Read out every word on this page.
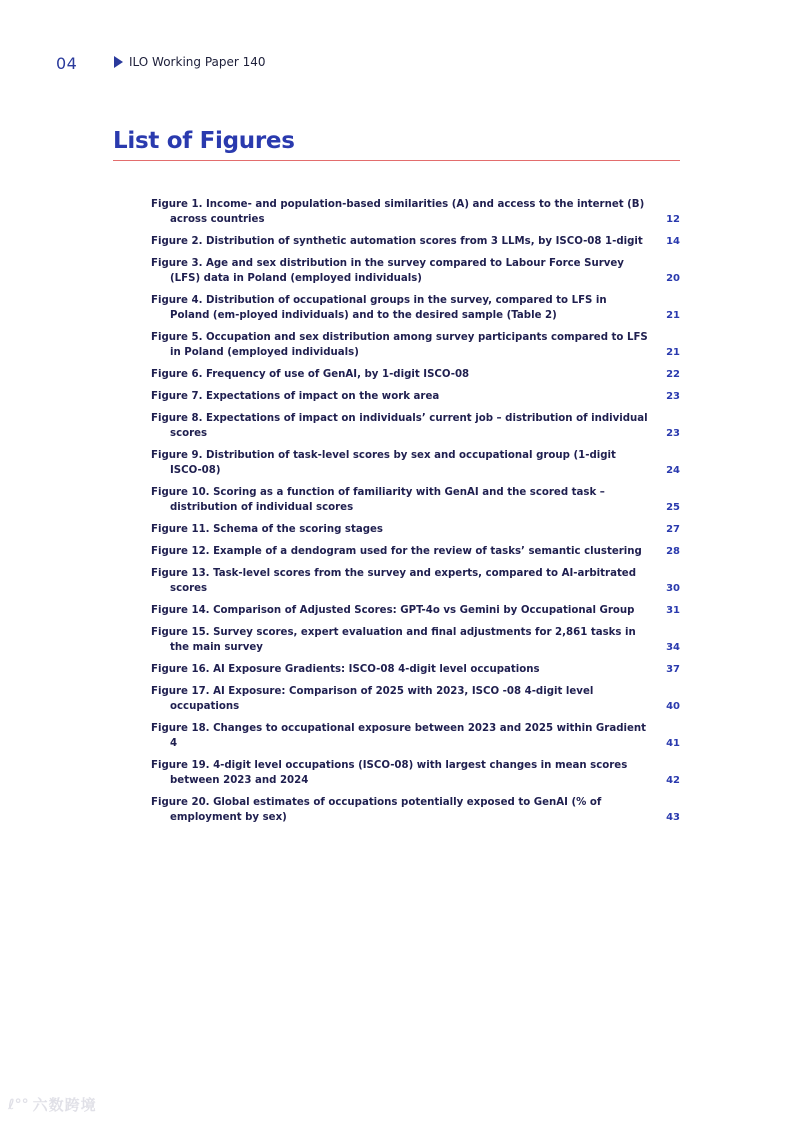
04	ILO Working Paper 140
List of Figures
Figure 1. Income- and population-based similarities (A) and access to the internet (B) across countries	12
Figure 2. Distribution of synthetic automation scores from 3 LLMs, by ISCO-08 1-digit	14
Figure 3. Age and sex distribution in the survey compared to Labour Force Survey (LFS) data in Poland (employed individuals)	20
Figure 4. Distribution of occupational groups in the survey, compared to LFS in Poland (em-ployed individuals) and to the desired sample (Table 2)	21
Figure 5. Occupation and sex distribution among survey participants compared to LFS in Poland (employed individuals)	21
Figure 6. Frequency of use of GenAI, by 1-digit ISCO-08	22
Figure 7. Expectations of impact on the work area	23
Figure 8. Expectations of impact on individuals’ current job – distribution of individual scores	23
Figure 9. Distribution of task-level scores by sex and occupational group (1-digit ISCO-08)	24
Figure 10. Scoring as a function of familiarity with GenAI and the scored task – distribution of individual scores	25
Figure 11. Schema of the scoring stages	27
Figure 12. Example of a dendogram used for the review of tasks’ semantic clustering	28
Figure 13. Task-level scores from the survey and experts, compared to AI-arbitrated scores	30
Figure 14. Comparison of Adjusted Scores: GPT-4o vs Gemini by Occupational Group	31
Figure 15. Survey scores, expert evaluation and final adjustments for 2,861 tasks in the main survey	34
Figure 16. AI Exposure Gradients: ISCO-08 4-digit level occupations	37
Figure 17. AI Exposure: Comparison of 2025 with 2023, ISCO -08 4-digit level occupations	40
Figure 18. Changes to occupational exposure between 2023 and 2025 within Gradient 4	41
Figure 19. 4-digit level occupations (ISCO-08) with largest changes in mean scores between 2023 and 2024	42
Figure 20. Global estimates of occupations potentially exposed to GenAI (% of employment by sex)	43
ℓ°° 六数跨境
